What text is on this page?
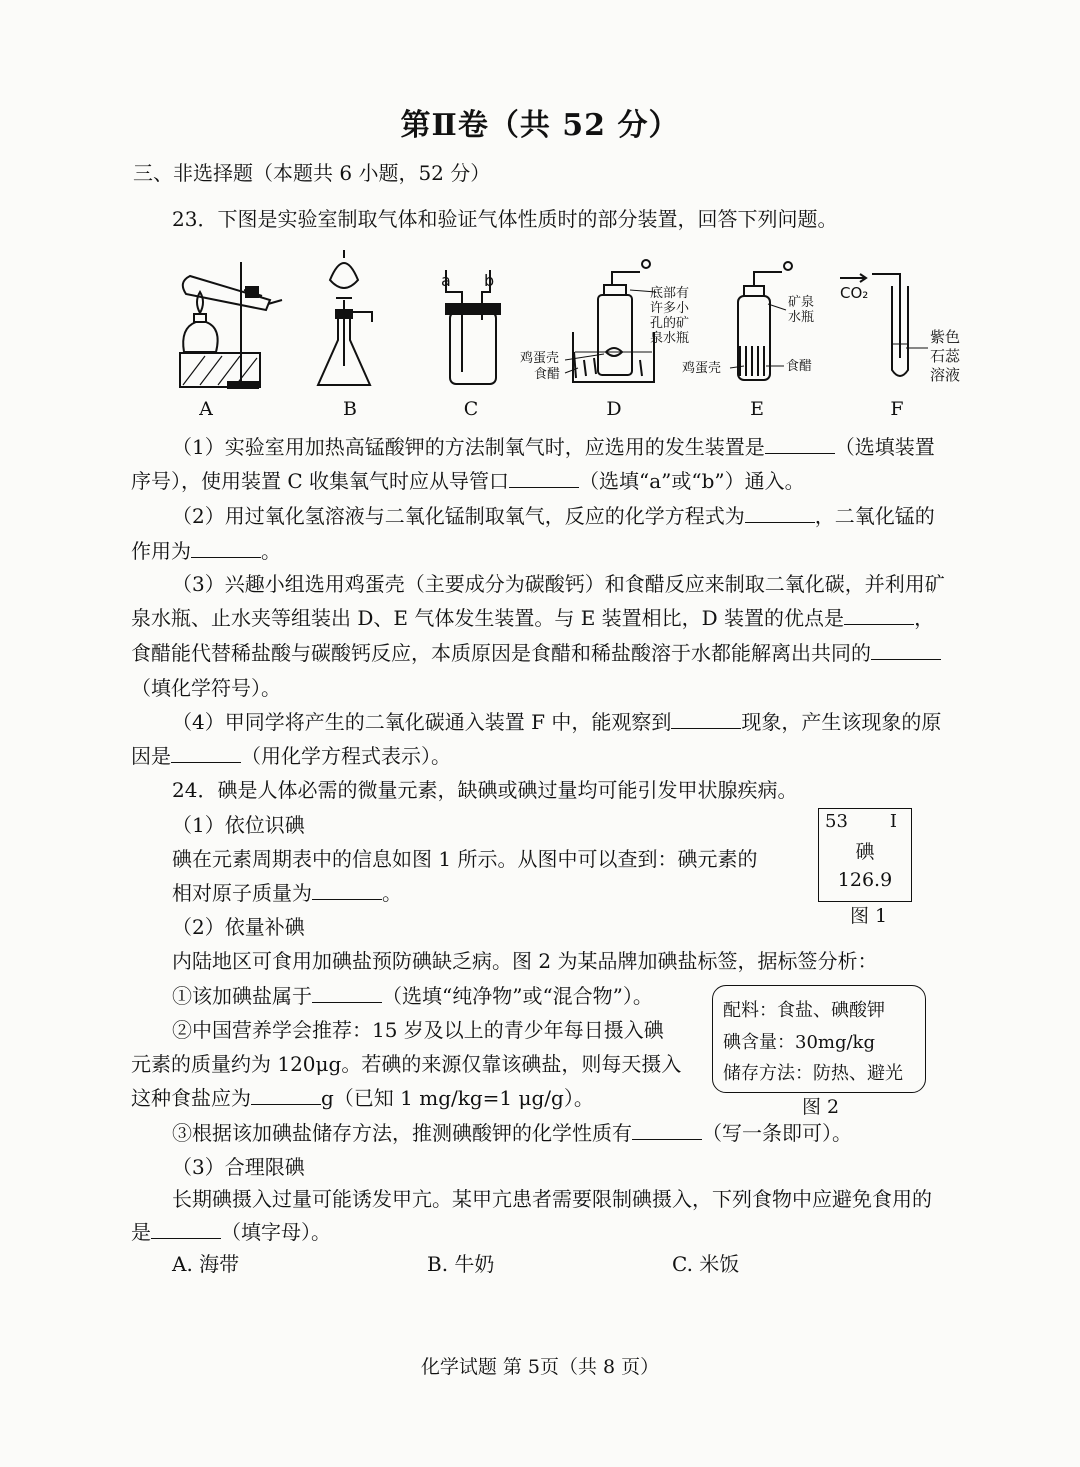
第Ⅱ卷（共 52 分）
三、非选择题（本题共 6 小题，52 分）
23．下图是实验室制取气体和验证气体性质时的部分装置，回答下列问题。
a b
底部有
许多小
孔的矿
泉水瓶
鸡蛋壳
食醋
矿泉
水瓶
鸡蛋壳	食醋
CO₂
紫色
石蕊
溶液
A	B	C	D	E	F
（1）实验室用加热高锰酸钾的方法制氧气时，应选用的发生装置是	（选填装置
序号），使用装置 C 收集氧气时应从导管口	（选填“a”或“b”）通入。
（2）用过氧化氢溶液与二氧化锰制取氧气，反应的化学方程式为	，二氧化锰的
作用为	。
（3）兴趣小组选用鸡蛋壳（主要成分为碳酸钙）和食醋反应来制取二氧化碳，并利用矿
泉水瓶、止水夹等组装出 D、E 气体发生装置。与 E 装置相比，D 装置的优点是	，
食醋能代替稀盐酸与碳酸钙反应，本质原因是食醋和稀盐酸溶于水都能解离出共同的
（填化学符号）。
（4）甲同学将产生的二氧化碳通入装置 F 中，能观察到	现象，产生该现象的原
因是	（用化学方程式表示）。
24．碘是人体必需的微量元素，缺碘或碘过量均可能引发甲状腺疾病。
（1）依位识碘
碘在元素周期表中的信息如图 1 所示。从图中可以查到：碘元素的
相对原子质量为	。
53 I
碘
126.9
图 1
（2）依量补碘
内陆地区可食用加碘盐预防碘缺乏病。图 2 为某品牌加碘盐标签，据标签分析：
①该加碘盐属于	（选填“纯净物”或“混合物”）。
②中国营养学会推荐：15 岁及以上的青少年每日摄入碘
元素的质量约为 120μg。若碘的来源仅靠该碘盐，则每天摄入
这种食盐应为	g（已知 1 mg/kg=1 μg/g）。
配料：食盐、碘酸钾
碘含量：30mg/kg
储存方法：防热、避光
图 2
③根据该加碘盐储存方法，推测碘酸钾的化学性质有	（写一条即可）。
（3）合理限碘
长期碘摄入过量可能诱发甲亢。某甲亢患者需要限制碘摄入，下列食物中应避免食用的
是	（填字母）。
A. 海带	B. 牛奶	C. 米饭
化学试题 第 5页（共 8 页）
